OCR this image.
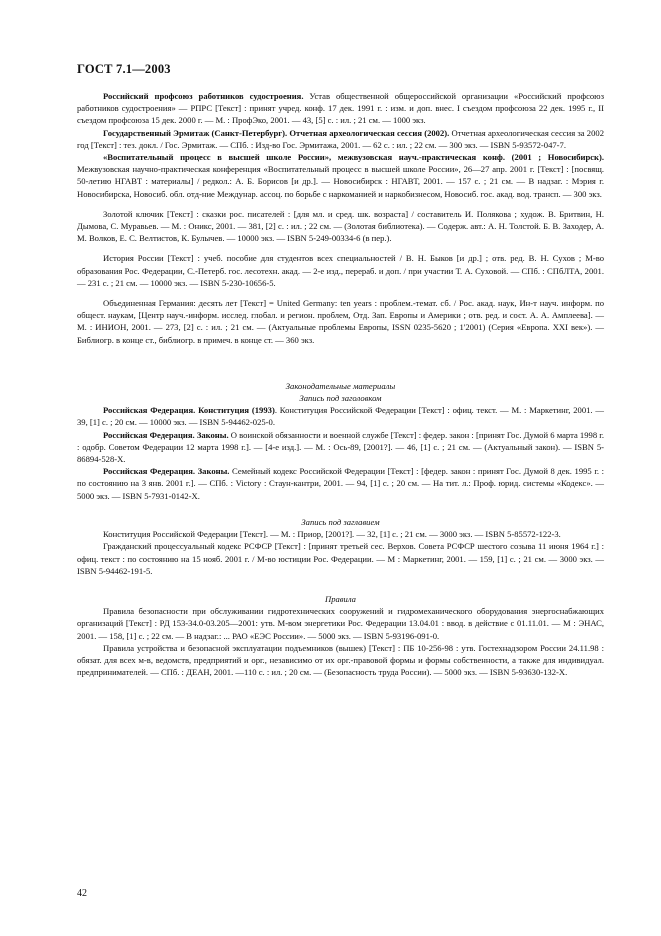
ГОСТ 7.1—2003

Российский профсоюз работников судостроения. Устав общественной общероссийской организации «Российский профсоюз работников судостроения» — РПРС [Текст] : принят учред. конф. 17 дек. 1991 г. : изм. и доп. внес. I съездом профсоюза 22 дек. 1995 г., II съездом профсоюза 15 дек. 2000 г. — М. : ПрофЭко, 2001. — 43, [5] с. : ил. ; 21 см. — 1000 экз.

Государственный Эрмитаж (Санкт-Петербург). Отчетная археологическая сессия (2002). Отчетная археологическая сессия за 2002 год [Текст] : тез. докл. / Гос. Эрмитаж. — СПб. : Изд-во Гос. Эрмитажа, 2001. — 62 с. : ил. ; 22 см. — 300 экз. — ISBN 5-93572-047-7.

«Воспитательный процесс в высшей школе России», межвузовская науч.-практическая конф. (2001 ; Новосибирск). Межвузовская научно-практическая конференция «Воспитательный процесс в высшей школе России», 26—27 апр. 2001 г. [Текст] : [посвящ. 50-летию НГАВТ : материалы] / редкол.: А. Б. Борисов [и др.]. — Новосибирск : НГАВТ, 2001. — 157 с. ; 21 см. — В надзаг. : Мэрия г. Новосибирска, Новосиб. обл. отд-ние Междунар. ассоц. по борьбе с наркоманией и наркобизнесом, Новосиб. гос. акад. вод. трансп. — 300 экз.

Золотой ключик [Текст] : сказки рос. писателей : [для мл. и сред. шк. возраста] / составитель И. Полякова ; худож. В. Бритвин, Н. Дымова, С. Муравьев. — М. : Оникс, 2001. — 381, [2] с. : ил. ; 22 см. — (Золотая библиотека). — Содерж. авт.: А. Н. Толстой. Б. В. Заходер, А. М. Волков, Е. С. Велтистов, К. Булычев. — 10000 экз. — ISBN 5-249-00334-6 (в пер.).

История России [Текст] : учеб. пособие для студентов всех специальностей / В. Н. Быков [и др.] ; отв. ред. В. Н. Сухов ; М-во образования Рос. Федерации, С.-Петерб. гос. лесотехн. акад. — 2-е изд., перераб. и доп. / при участии Т. А. Суховой. — СПб. : СПбЛТА, 2001. — 231 с. ; 21 см. — 10000 экз. — ISBN 5-230-10656-5.

Объединенная Германия: десять лет [Текст] = United Germany: ten years : проблем.-темат. сб. / Рос. акад. наук, Ин-т науч. информ. по общест. наукам, [Центр науч.-информ. исслед. глобал. и регион. проблем, Отд. Зап. Европы и Америки ; отв. ред. и сост. А. А. Амплеева]. — М. : ИНИОН, 2001. — 273, [2] с. : ил. ; 21 см. — (Актуальные проблемы Европы, ISSN 0235-5620 ; 1'2001) (Серия «Европа. XXI век»). — Библиогр. в конце ст., библиогр. в примеч. в конце ст. — 360 экз.

Законодательные материалы

Запись под заголовком

Российская Федерация. Конституция (1993). Конституция Российской Федерации [Текст] : офиц. текст. — М. : Маркетинг, 2001. — 39, [1] с. ; 20 см. — 10000 экз. — ISBN 5-94462-025-0.

Российская Федерация. Законы. О воинской обязанности и военной службе [Текст] : федер. закон : [принят Гос. Думой 6 марта 1998 г. : одобр. Советом Федерации 12 марта 1998 г.]. — [4-е изд.]. — М. : Ось-89, [2001?]. — 46, [1] с. ; 21 см. — (Актуальный закон). — ISBN 5-86894-528-X.

Российская Федерация. Законы. Семейный кодекс Российской Федерации [Текст] : [федер. закон : принят Гос. Думой 8 дек. 1995 г. : по состоянию на 3 янв. 2001 г.]. — СПб. : Victory : Стаун-кантри, 2001. — 94, [1] с. ; 20 см. — На тит. л.: Проф. юрид. системы «Кодекс». — 5000 экз. — ISBN 5-7931-0142-X.

Запись под заглавием

Конституция Российской Федерации [Текст]. — М. : Приор, [2001?]. — 32, [1] с. ; 21 см. — 3000 экз. — ISBN 5-85572-122-3.

Гражданский процессуальный кодекс РСФСР [Текст] : [принят третьей сес. Верхов. Совета РСФСР шестого созыва 11 июня 1964 г.] : офиц. текст : по состоянию на 15 нояб. 2001 г. / М-во юстиции Рос. Федерации. — М : Маркетинг, 2001. — 159, [1] с. ; 21 см. — 3000 экз. — ISBN 5-94462-191-5.

Правила

Правила безопасности при обслуживании гидротехнических сооружений и гидромеханического оборудования энергоснабжающих организаций [Текст] : РД 153-34.0-03.205—2001: утв. М-вом энергетики Рос. Федерации 13.04.01 : ввод. в действие с 01.11.01. — М : ЭНАС, 2001. — 158, [1] с. ; 22 см. — В надзаг.: ... РАО «ЕЭС России». — 5000 экз. — ISBN 5-93196-091-0.

Правила устройства и безопасной эксплуатации подъемников (вышек) [Текст] : ПБ 10-256-98 : утв. Гостехнадзором России 24.11.98 : обязат. для всех м-в, ведомств, предприятий и орг., независимо от их орг.-правовой формы и формы собственности, а также для индивидуал. предпринимателей. — СПб. : ДЕАН, 2001. —110 с. : ил. ; 20 см. — (Безопасность труда России). — 5000 экз. — ISBN 5-93630-132-X.

42
